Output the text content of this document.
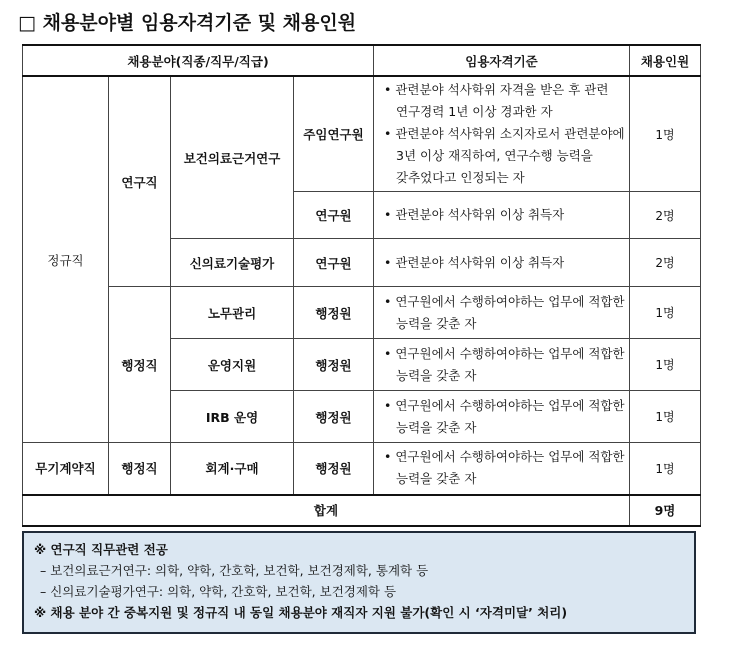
□ 채용분야별 임용자격기준 및 채용인원
채용분야(직종/직무/직급)				임용자격기준	채용인원
정규직	연구직	보건의료근거연구	주임연구원	• 관련분야 석사학위 자격을 받은 후 관련
연구경력 1년 이상 경과한 자
• 관련분야 석사학위 소지자로서 관련분야에
3년 이상 재직하여, 연구수행 능력을
갖추었다고 인정되는 자	1명
			연구원	• 관련분야 석사학위 이상 취득자	2명
		신의료기술평가	연구원	• 관련분야 석사학위 이상 취득자	2명
	행정직	노무관리	행정원	• 연구원에서 수행하여야하는 업무에 적합한
능력을 갖춘 자	1명
		운영지원	행정원	• 연구원에서 수행하여야하는 업무에 적합한
능력을 갖춘 자	1명
		IRB 운영	행정원	• 연구원에서 수행하여야하는 업무에 적합한
능력을 갖춘 자	1명
무기계약직	행정직	회계·구매	행정원	• 연구원에서 수행하여야하는 업무에 적합한
능력을 갖춘 자	1명
합계					9명
※ 연구직 직무관련 전공
– 보건의료근거연구: 의학, 약학, 간호학, 보건학, 보건경제학, 통계학 등
– 신의료기술평가연구: 의학, 약학, 간호학, 보건학, 보건경제학 등
※ 채용 분야 간 중복지원 및 정규직 내 동일 채용분야 재직자 지원 불가(확인 시 ‘자격미달’ 처리)
